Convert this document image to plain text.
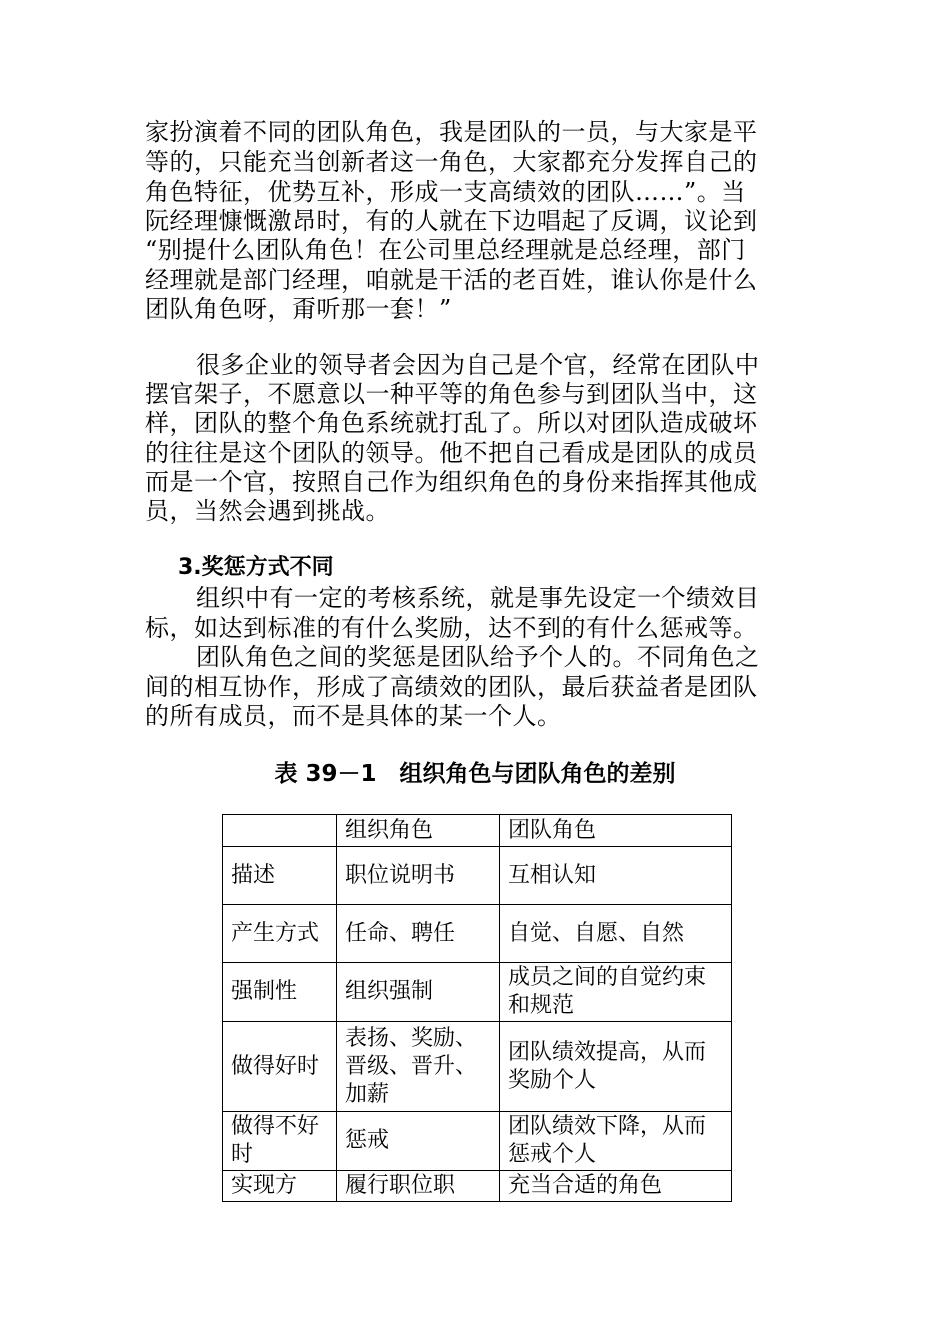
家扮演着不同的团队角色，我是团队的一员，与大家是平
等的，只能充当创新者这一角色，大家都充分发挥自己的
角色特征，优势互补，形成一支高绩效的团队……”。当
阮经理慷慨激昂时，有的人就在下边唱起了反调，议论到
“别提什么团队角色！在公司里总经理就是总经理，部门
经理就是部门经理，咱就是干活的老百姓，谁认你是什么
团队角色呀，甭听那一套！”
很多企业的领导者会因为自己是个官，经常在团队中
摆官架子，不愿意以一种平等的角色参与到团队当中，这
样，团队的整个角色系统就打乱了。所以对团队造成破坏
的往往是这个团队的领导。他不把自己看成是团队的成员
而是一个官，按照自己作为组织角色的身份来指挥其他成
员，当然会遇到挑战。
3.奖惩方式不同
组织中有一定的考核系统，就是事先设定一个绩效目
标，如达到标准的有什么奖励，达不到的有什么惩戒等。
团队角色之间的奖惩是团队给予个人的。不同角色之
间的相互协作，形成了高绩效的团队，最后获益者是团队
的所有成员，而不是具体的某一个人。
表 39－1　组织角色与团队角色的差别
	组织角色	团队角色
描述	职位说明书	互相认知
产生方式	任命、聘任	自觉、自愿、自然
强制性	组织强制	成员之间的自觉约束和规范
做得好时	表扬、奖励、晋级、晋升、加薪	团队绩效提高，从而奖励个人
做得不好时	惩戒	团队绩效下降，从而惩戒个人
实现方	履行职位职	充当合适的角色
